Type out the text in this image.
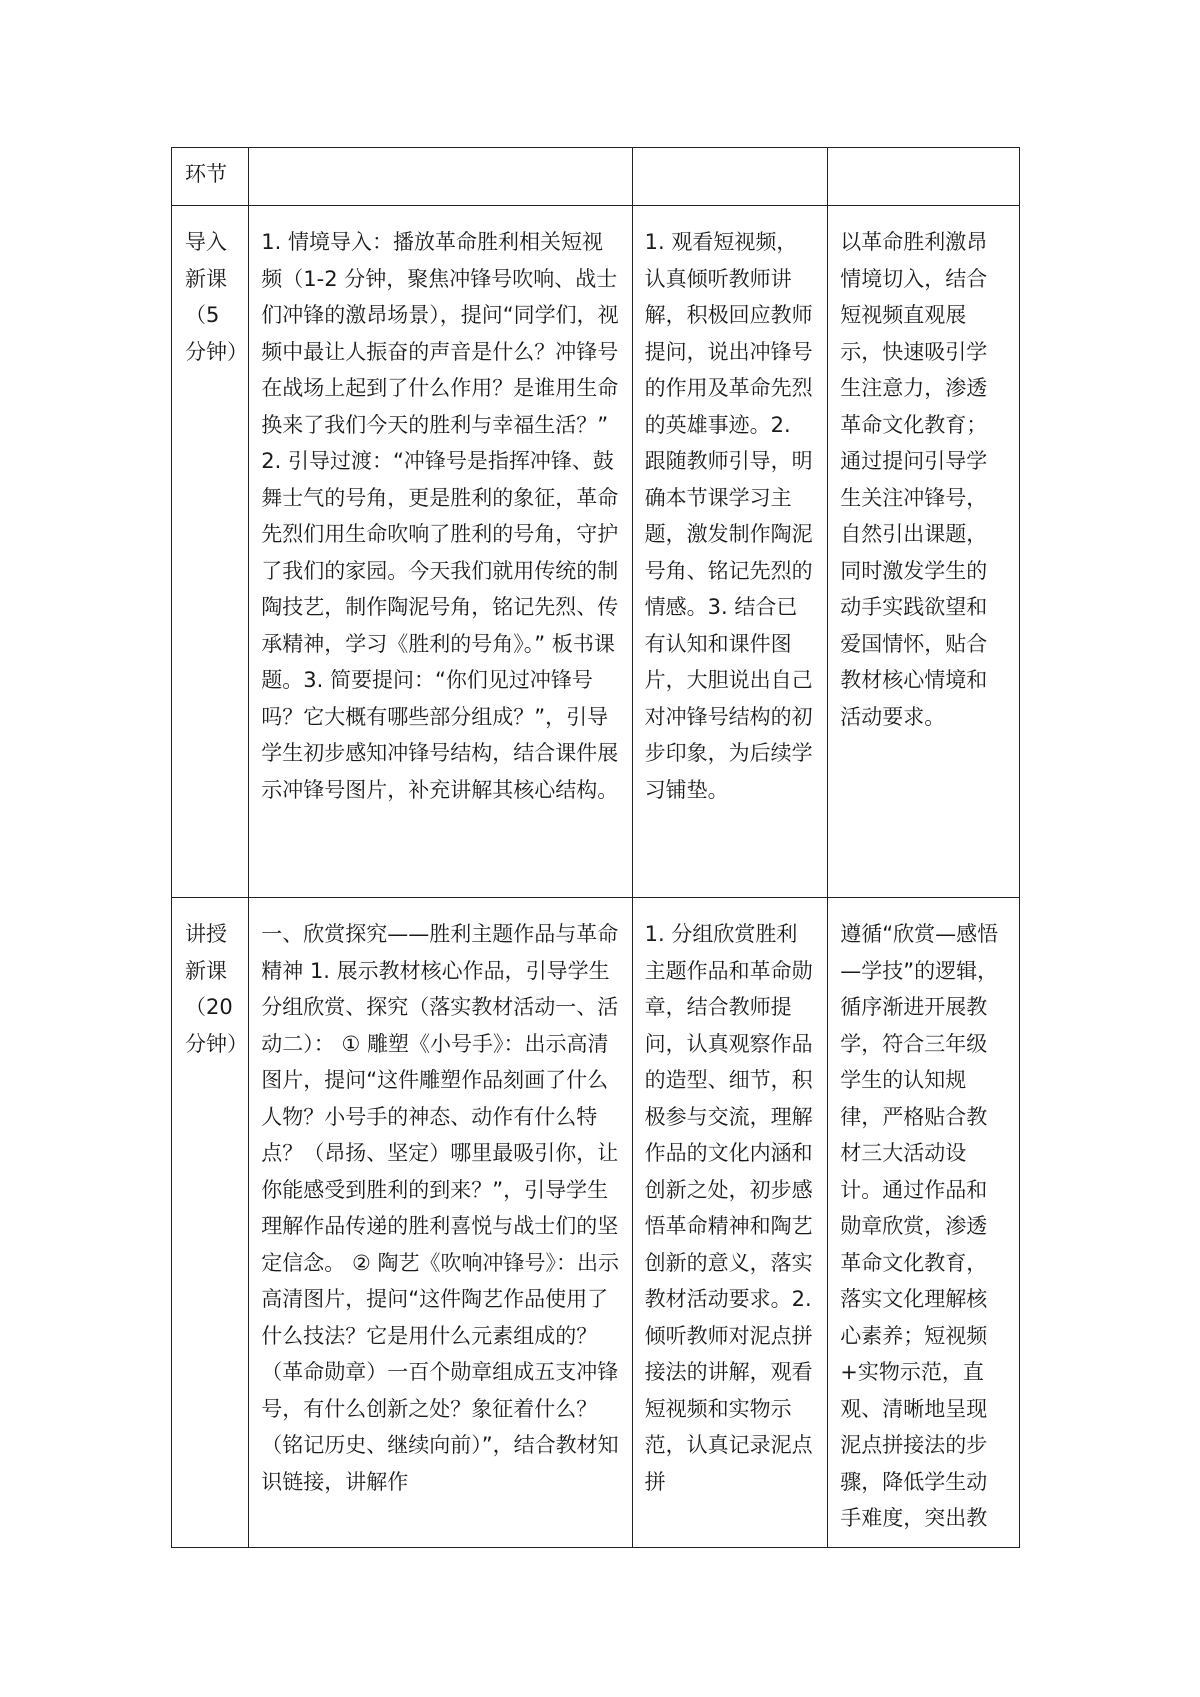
环节			

导入新课（5分钟）	1. 情境导入：播放革命胜利相关短视频（1-2 分钟，聚焦冲锋号吹响、战士们冲锋的激昂场景），提问“同学们，视频中最让人振奋的声音是什么？冲锋号在战场上起到了什么作用？是谁用生命换来了我们今天的胜利与幸福生活？” 2. 引导过渡：“冲锋号是指挥冲锋、鼓舞士气的号角，更是胜利的象征，革命先烈们用生命吹响了胜利的号角，守护了我们的家园。今天我们就用传统的制陶技艺，制作陶泥号角，铭记先烈、传承精神，学习《胜利的号角》。” 板书课题。3. 简要提问：“你们见过冲锋号吗？它大概有哪些部分组成？”，引导学生初步感知冲锋号结构，结合课件展示冲锋号图片，补充讲解其核心结构。	1. 观看短视频，认真倾听教师讲解，积极回应教师提问，说出冲锋号的作用及革命先烈的英雄事迹。2. 跟随教师引导，明确本节课学习主题，激发制作陶泥号角、铭记先烈的情感。3. 结合已有认知和课件图片，大胆说出自己对冲锋号结构的初步印象，为后续学习铺垫。	以革命胜利激昂情境切入，结合短视频直观展示，快速吸引学生注意力，渗透革命文化教育；通过提问引导学生关注冲锋号，自然引出课题，同时激发学生的动手实践欲望和爱国情怀，贴合教材核心情境和活动要求。

讲授新课（20分钟）	一、欣赏探究——胜利主题作品与革命精神 1. 展示教材核心作品，引导学生分组欣赏、探究（落实教材活动一、活动二）： ① 雕塑《小号手》：出示高清图片，提问“这件雕塑作品刻画了什么人物？小号手的神态、动作有什么特点？（昂扬、坚定）哪里最吸引你，让你能感受到胜利的到来？”，引导学生理解作品传递的胜利喜悦与战士们的坚定信念。 ② 陶艺《吹响冲锋号》：出示高清图片，提问“这件陶艺作品使用了什么技法？它是用什么元素组成的？（革命勋章）一百个勋章组成五支冲锋号，有什么创新之处？象征着什么？（铭记历史、继续向前）”，结合教材知识链接，讲解作	1. 分组欣赏胜利主题作品和革命勋章，结合教师提问，认真观察作品的造型、细节，积极参与交流，理解作品的文化内涵和创新之处，初步感悟革命精神和陶艺创新的意义，落实教材活动要求。2. 倾听教师对泥点拼接法的讲解，观看短视频和实物示范，认真记录泥点拼	遵循“欣赏—感悟—学技”的逻辑，循序渐进开展教学，符合三年级学生的认知规律，严格贴合教材三大活动设计。通过作品和勋章欣赏，渗透革命文化教育，落实文化理解核心素养；短视频+实物示范，直观、清晰地呈现泥点拼接法的步骤，降低学生动手难度，突出教
